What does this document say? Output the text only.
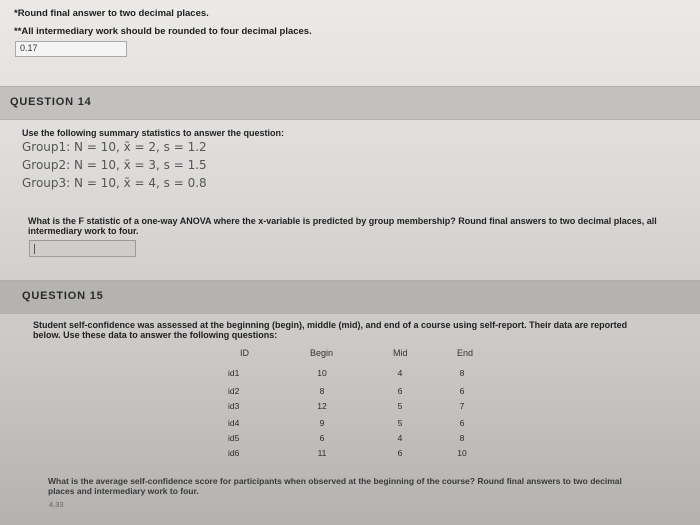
*Round final answer to two decimal places.
**All intermediary work should be rounded to four decimal places.
0.17
QUESTION 14
Use the following summary statistics to answer the question:
Group1: N = 10, x̄ = 2, s = 1.2
Group2: N = 10, x̄ = 3, s = 1.5
Group3: N = 10, x̄ = 4, s = 0.8
What is the F statistic of a one-way ANOVA where the x-variable is predicted by group membership? Round final answers to two decimal places, all
intermediary work to four.
QUESTION 15
Student self-confidence was assessed at the beginning (begin), middle (mid), and end of a course using self-report. Their data are reported
below. Use these data to answer the following questions:
ID	Begin	Mid	End
id1	10	4	8
id2	8	6	6
id3	12	5	7
id4	9	5	6
id5	6	4	8
id6	11	6	10
What is the average self-confidence score for participants when observed at the beginning of the course? Round final answers to two decimal
places and intermediary work to four.
4.33
